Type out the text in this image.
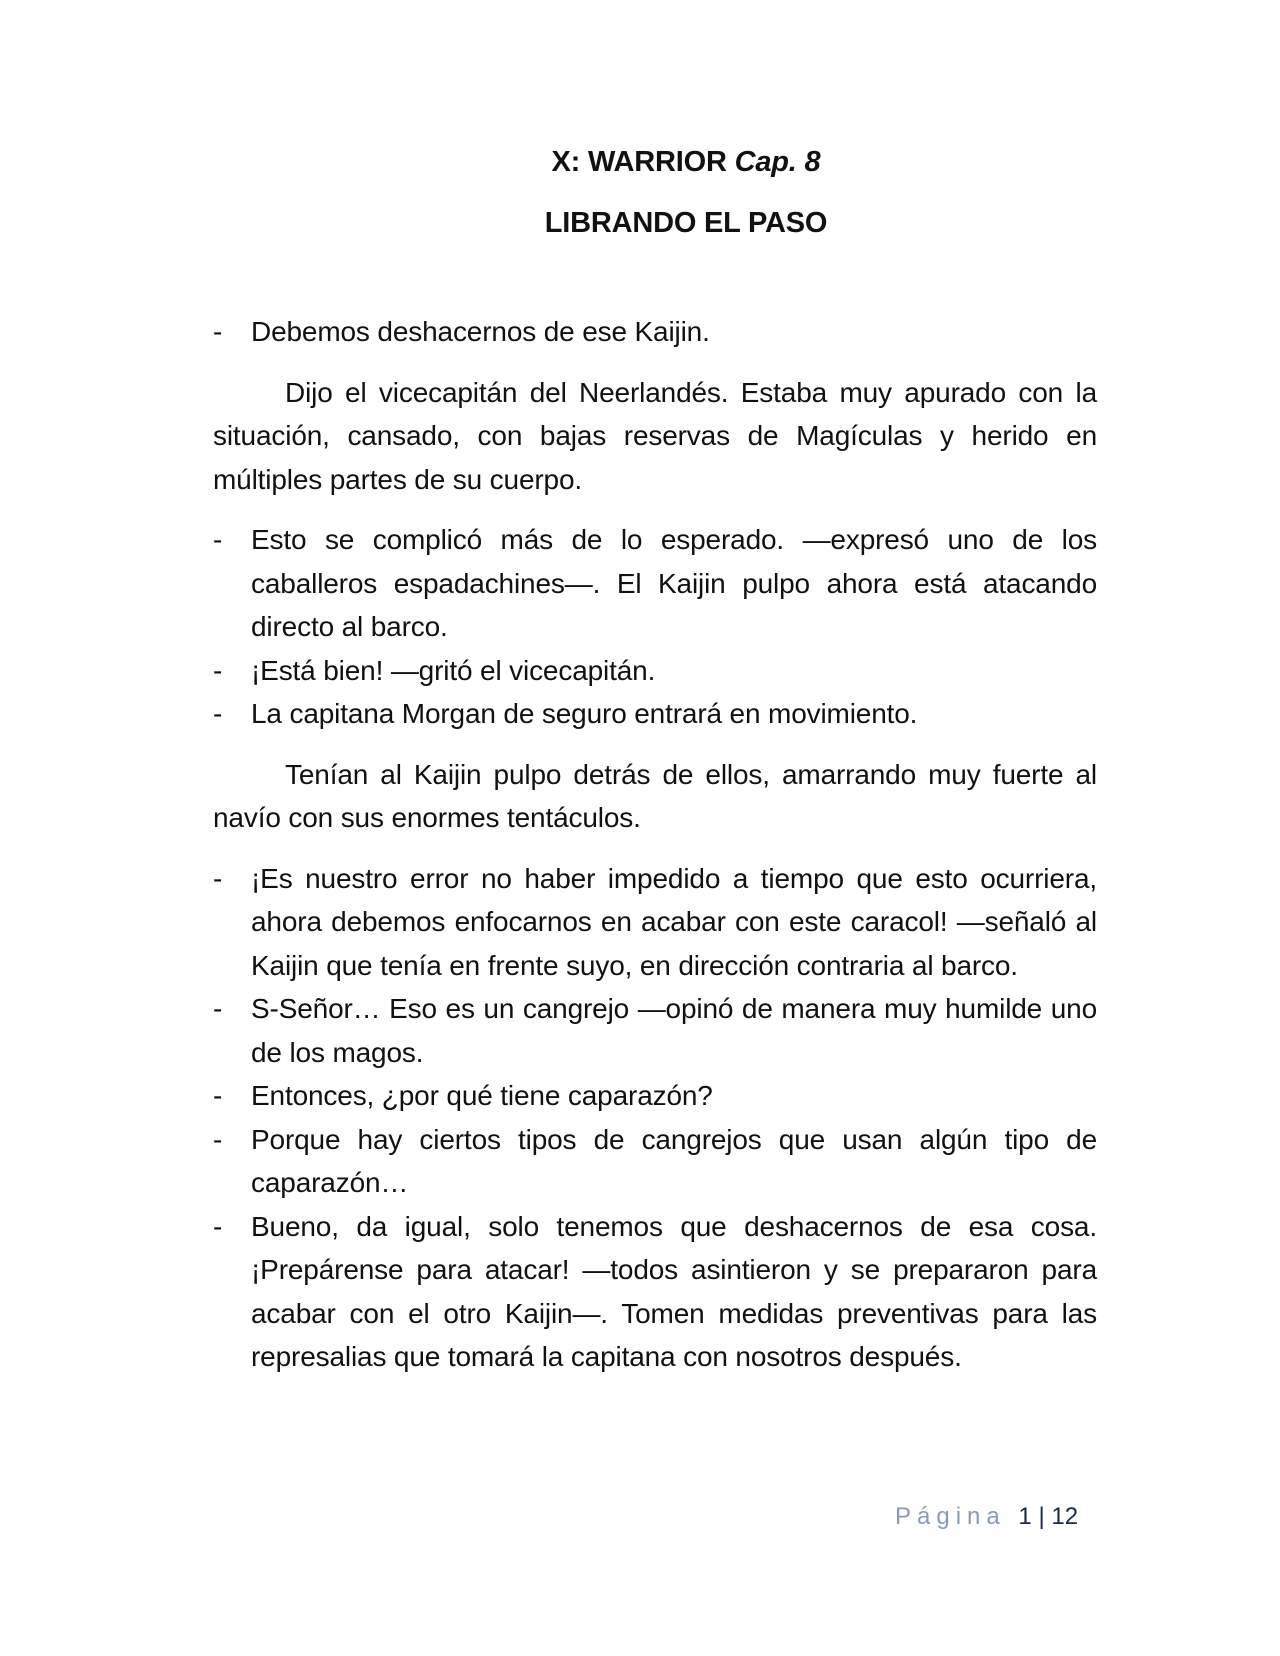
X: WARRIOR Cap. 8
LIBRANDO EL PASO
- Debemos deshacernos de ese Kaijin.
Dijo el vicecapitán del Neerlandés. Estaba muy apurado con la situación, cansado, con bajas reservas de Magículas y herido en múltiples partes de su cuerpo.
- Esto se complicó más de lo esperado. —expresó uno de los caballeros espadachines—. El Kaijin pulpo ahora está atacando directo al barco.
- ¡Está bien! —gritó el vicecapitán.
- La capitana Morgan de seguro entrará en movimiento.
Tenían al Kaijin pulpo detrás de ellos, amarrando muy fuerte al navío con sus enormes tentáculos.
- ¡Es nuestro error no haber impedido a tiempo que esto ocurriera, ahora debemos enfocarnos en acabar con este caracol! —señaló al Kaijin que tenía en frente suyo, en dirección contraria al barco.
- S-Señor… Eso es un cangrejo —opinó de manera muy humilde uno de los magos.
- Entonces, ¿por qué tiene caparazón?
- Porque hay ciertos tipos de cangrejos que usan algún tipo de caparazón…
- Bueno, da igual, solo tenemos que deshacernos de esa cosa. ¡Prepárense para atacar! —todos asintieron y se prepararon para acabar con el otro Kaijin—. Tomen medidas preventivas para las represalias que tomará la capitana con nosotros después.
Página 1 | 12
